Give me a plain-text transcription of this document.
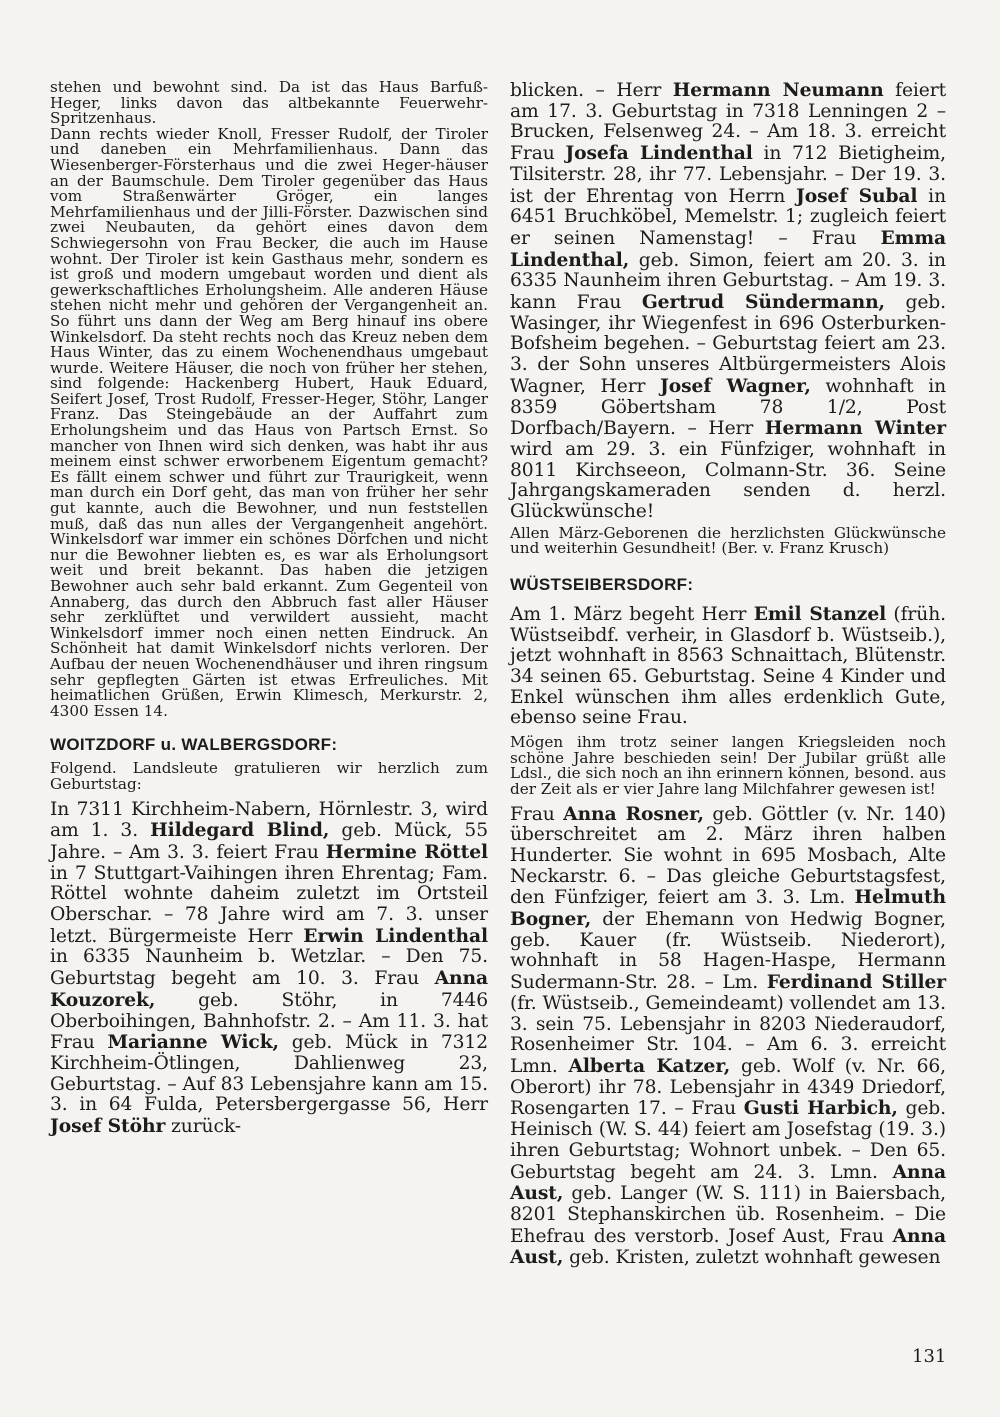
stehen und bewohnt sind. Da ist das Haus Barfuß-Heger, links davon das altbekannte Feuerwehr-Spritzenhaus.

Dann rechts wieder Knoll, Fresser Rudolf, der Tiroler und daneben ein Mehrfamilienhaus. Dann das Wiesenberger-Försterhaus und die zwei Heger-häuser an der Baumschule. Dem Tiroler gegenüber das Haus vom Straßenwärter Gröger, ein langes Mehrfamilienhaus und der Jilli-Förster. Dazwischen sind zwei Neubauten, da gehört eines davon dem Schwiegersohn von Frau Becker, die auch im Hause wohnt. Der Tiroler ist kein Gasthaus mehr, sondern es ist groß und modern umgebaut worden und dient als gewerkschaftliches Erholungsheim. Alle anderen Häuse stehen nicht mehr und gehören der Vergangenheit an. So führt uns dann der Weg am Berg hinauf ins obere Winkelsdorf. Da steht rechts noch das Kreuz neben dem Haus Winter, das zu einem Wochenendhaus umgebaut wurde. Weitere Häuser, die noch von früher her stehen, sind folgende: Hackenberg Hubert, Hauk Eduard, Seifert Josef, Trost Rudolf, Fresser-Heger, Stöhr, Langer Franz. Das Steingebäude an der Auffahrt zum Erholungsheim und das Haus von Partsch Ernst. So mancher von Ihnen wird sich denken, was habt ihr aus meinem einst schwer erworbenem Eigentum gemacht? Es fällt einem schwer und führt zur Traurigkeit, wenn man durch ein Dorf geht, das man von früher her sehr gut kannte, auch die Bewohner, und nun feststellen muß, daß das nun alles der Vergangenheit angehört. Winkelsdorf war immer ein schönes Dörfchen und nicht nur die Bewohner liebten es, es war als Erholungsort weit und breit bekannt. Das haben die jetzigen Bewohner auch sehr bald erkannt. Zum Gegenteil von Annaberg, das durch den Abbruch fast aller Häuser sehr zerklüftet und verwildert aussieht, macht Winkelsdorf immer noch einen netten Eindruck. An Schönheit hat damit Winkelsdorf nichts verloren. Der Aufbau der neuen Wochenendhäuser und ihren ringsum sehr gepflegten Gärten ist etwas Erfreuliches. Mit heimatlichen Grüßen, Erwin Klimesch, Merkurstr. 2, 4300 Essen 14.

WOITZDORF u. WALBERGSDORF:

Folgend. Landsleute gratulieren wir herzlich zum Geburtstag:

In 7311 Kirchheim-Nabern, Hörnlestr. 3, wird am 1. 3. Hildegard Blind, geb. Mück, 55 Jahre. – Am 3. 3. feiert Frau Hermine Röttel in 7 Stuttgart-Vaihingen ihren Ehrentag; Fam. Röttel wohnte daheim zuletzt im Ortsteil Oberschar. – 78 Jahre wird am 7. 3. unser letzt. Bürgermeiste Herr Erwin Lindenthal in 6335 Naunheim b. Wetzlar. – Den 75. Geburtstag begeht am 10. 3. Frau Anna Kouzorek, geb. Stöhr, in 7446 Oberboihingen, Bahnhofstr. 2. – Am 11. 3. hat Frau Marianne Wick, geb. Mück in 7312 Kirchheim-Ötlingen, Dahlienweg 23, Geburtstag. – Auf 83 Lebensjahre kann am 15. 3. in 64 Fulda, Petersbergergasse 56, Herr Josef Stöhr zurück-

blicken. – Herr Hermann Neumann feiert am 17. 3. Geburtstag in 7318 Lenningen 2 – Brucken, Felsenweg 24. – Am 18. 3. erreicht Frau Josefa Lindenthal in 712 Bietigheim, Tilsiterstr. 28, ihr 77. Lebensjahr. – Der 19. 3. ist der Ehrentag von Herrn Josef Subal in 6451 Bruchköbel, Memelstr. 1; zugleich feiert er seinen Namenstag! – Frau Emma Lindenthal, geb. Simon, feiert am 20. 3. in 6335 Naunheim ihren Geburtstag. – Am 19. 3. kann Frau Gertrud Sündermann, geb. Wasinger, ihr Wiegenfest in 696 Osterburken-Bofsheim begehen. – Geburtstag feiert am 23. 3. der Sohn unseres Altbürgermeisters Alois Wagner, Herr Josef Wagner, wohnhaft in 8359 Göbertsham 78 1/2, Post Dorfbach/Bayern. – Herr Hermann Winter wird am 29. 3. ein Fünfziger, wohnhaft in 8011 Kirchseeon, Colmann-Str. 36. Seine Jahrgangskameraden senden d. herzl. Glückwünsche!

Allen März-Geborenen die herzlichsten Glückwünsche und weiterhin Gesundheit! (Ber. v. Franz Krusch)

WÜSTSEIBERSDORF:

Am 1. März begeht Herr Emil Stanzel (früh. Wüstseibdf. verheir, in Glasdorf b. Wüstseib.), jetzt wohnhaft in 8563 Schnaittach, Blütenstr. 34 seinen 65. Geburtstag. Seine 4 Kinder und Enkel wünschen ihm alles erdenklich Gute, ebenso seine Frau.

Mögen ihm trotz seiner langen Kriegsleiden noch schöne Jahre beschieden sein! Der Jubilar grüßt alle Ldsl., die sich noch an ihn erinnern können, besond. aus der Zeit als er vier Jahre lang Milchfahrer gewesen ist!

Frau Anna Rosner, geb. Göttler (v. Nr. 140) überschreitet am 2. März ihren halben Hunderter. Sie wohnt in 695 Mosbach, Alte Neckarstr. 6. – Das gleiche Geburtstagsfest, den Fünfziger, feiert am 3. 3. Lm. Helmuth Bogner, der Ehemann von Hedwig Bogner, geb. Kauer (fr. Wüstseib. Niederort), wohnhaft in 58 Hagen-Haspe, Hermann Sudermann-Str. 28. – Lm. Ferdinand Stiller (fr. Wüstseib., Gemeindeamt) vollendet am 13. 3. sein 75. Lebensjahr in 8203 Niederaudorf, Rosenheimer Str. 104. – Am 6. 3. erreicht Lmn. Alberta Katzer, geb. Wolf (v. Nr. 66, Oberort) ihr 78. Lebensjahr in 4349 Driedorf, Rosengarten 17. – Frau Gusti Harbich, geb. Heinisch (W. S. 44) feiert am Josefstag (19. 3.) ihren Geburtstag; Wohnort unbek. – Den 65. Geburtstag begeht am 24. 3. Lmn. Anna Aust, geb. Langer (W. S. 111) in Baiersbach, 8201 Stephanskirchen üb. Rosenheim. – Die Ehefrau des verstorb. Josef Aust, Frau Anna Aust, geb. Kristen, zuletzt wohnhaft gewesen

131
